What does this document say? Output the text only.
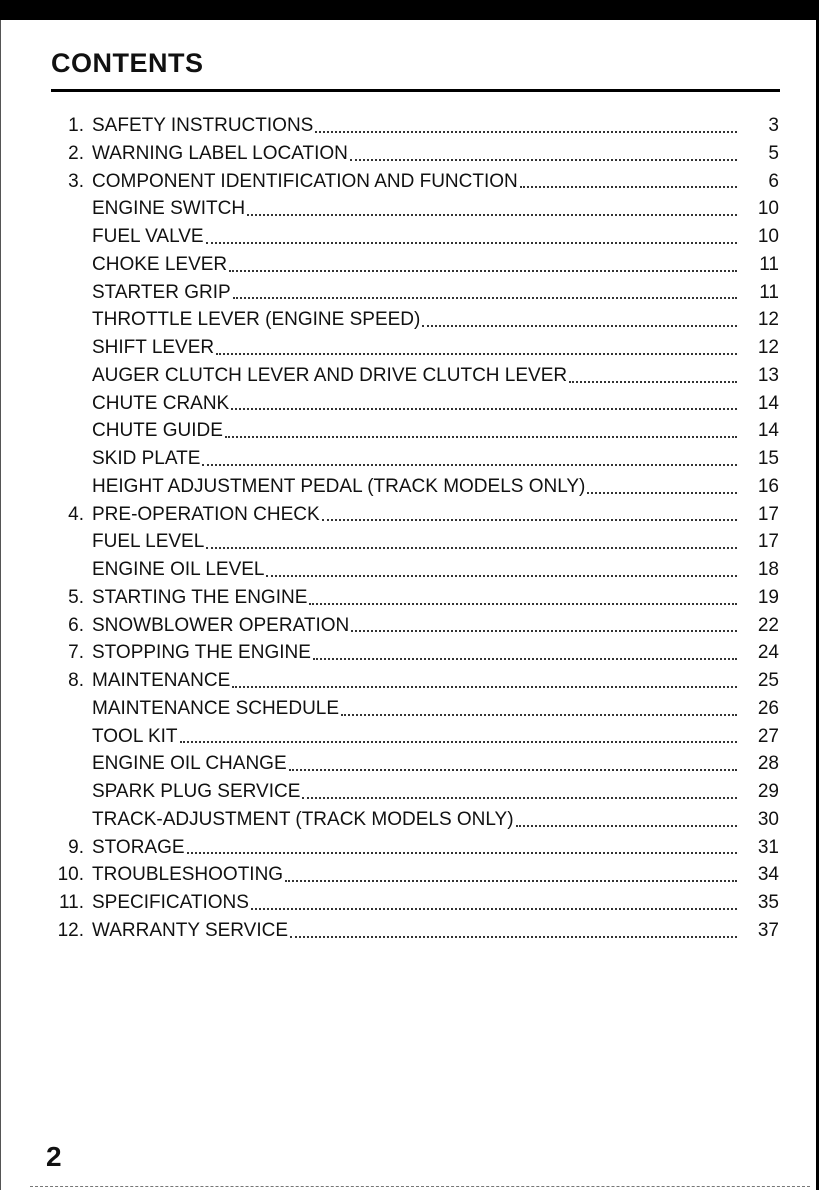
CONTENTS
1. SAFETY INSTRUCTIONS	3
2. WARNING LABEL LOCATION	5
3. COMPONENT IDENTIFICATION AND FUNCTION	6
ENGINE SWITCH	10
FUEL VALVE	10
CHOKE LEVER	11
STARTER GRIP	11
THROTTLE LEVER (ENGINE SPEED)	12
SHIFT LEVER	12
AUGER CLUTCH LEVER AND DRIVE CLUTCH LEVER	13
CHUTE CRANK	14
CHUTE GUIDE	14
SKID PLATE	15
HEIGHT ADJUSTMENT PEDAL (TRACK MODELS ONLY)	16
4. PRE-OPERATION CHECK	17
FUEL LEVEL	17
ENGINE OIL LEVEL	18
5. STARTING THE ENGINE	19
6. SNOWBLOWER OPERATION	22
7. STOPPING THE ENGINE	24
8. MAINTENANCE	25
MAINTENANCE SCHEDULE	26
TOOL KIT	27
ENGINE OIL CHANGE	28
SPARK PLUG SERVICE	29
TRACK-ADJUSTMENT (TRACK MODELS ONLY)	30
9. STORAGE	31
10. TROUBLESHOOTING	34
11. SPECIFICATIONS	35
12. WARRANTY SERVICE	37
2
